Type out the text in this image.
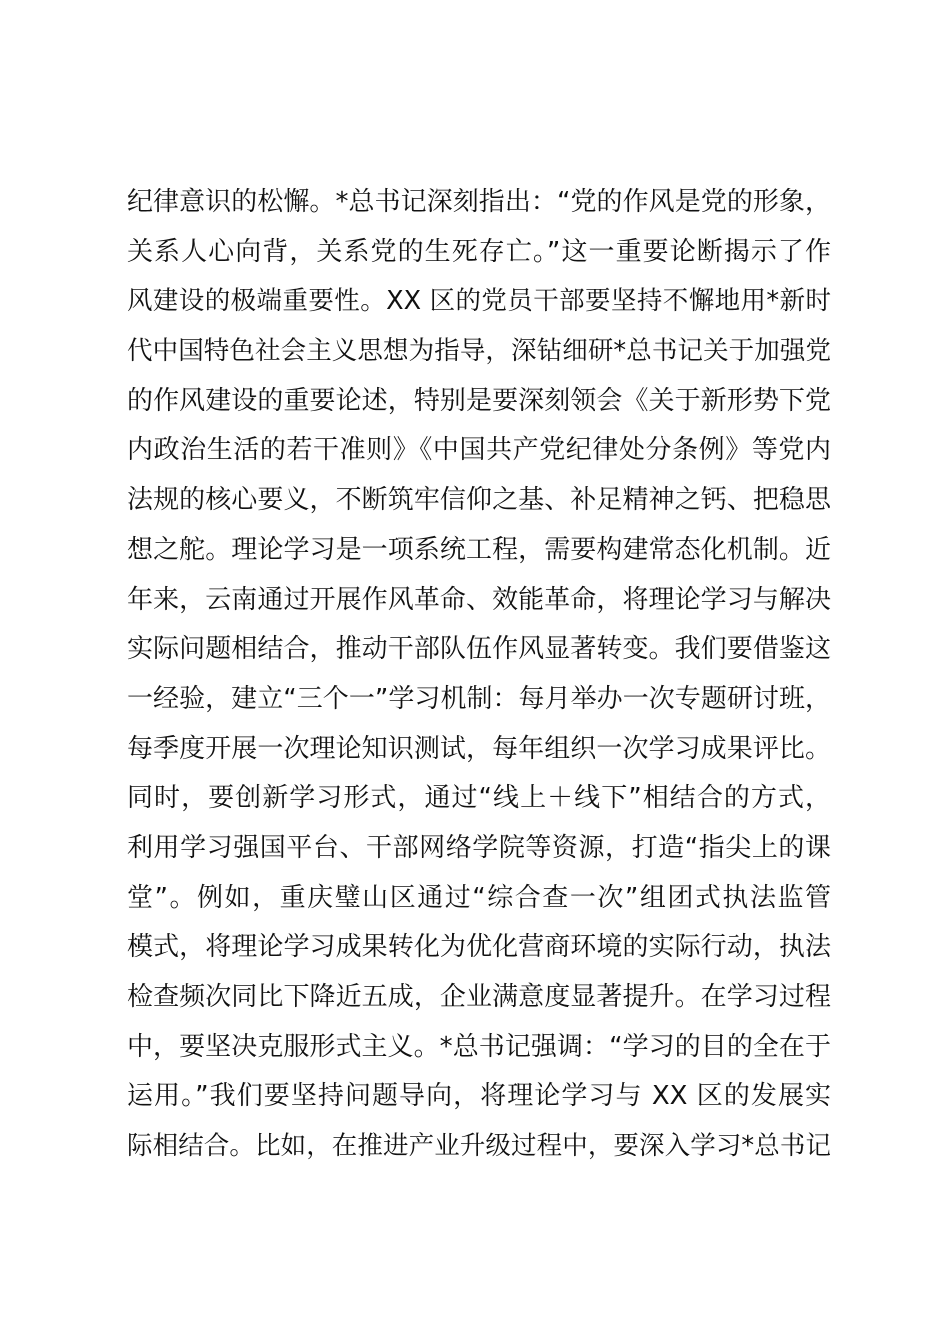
纪律意识的松懈。*总书记深刻指出：“党的作风是党的形象，
关系人心向背，关系党的生死存亡。”这一重要论断揭示了作
风建设的极端重要性。XX 区的党员干部要坚持不懈地用*新时
代中国特色社会主义思想为指导，深钻细研*总书记关于加强党
的作风建设的重要论述，特别是要深刻领会《关于新形势下党
内政治生活的若干准则》《中国共产党纪律处分条例》等党内
法规的核心要义，不断筑牢信仰之基、补足精神之钙、把稳思
想之舵。理论学习是一项系统工程，需要构建常态化机制。近
年来，云南通过开展作风革命、效能革命，将理论学习与解决
实际问题相结合，推动干部队伍作风显著转变。我们要借鉴这
一经验，建立“三个一”学习机制：每月举办一次专题研讨班，
每季度开展一次理论知识测试，每年组织一次学习成果评比。
同时，要创新学习形式，通过“线上＋线下”相结合的方式，
利用学习强国平台、干部网络学院等资源，打造“指尖上的课
堂”。例如，重庆璧山区通过“综合查一次”组团式执法监管
模式，将理论学习成果转化为优化营商环境的实际行动，执法
检查频次同比下降近五成，企业满意度显著提升。在学习过程
中，要坚决克服形式主义。*总书记强调：“学习的目的全在于
运用。”我们要坚持问题导向，将理论学习与 XX 区的发展实
际相结合。比如，在推进产业升级过程中，要深入学习*总书记
